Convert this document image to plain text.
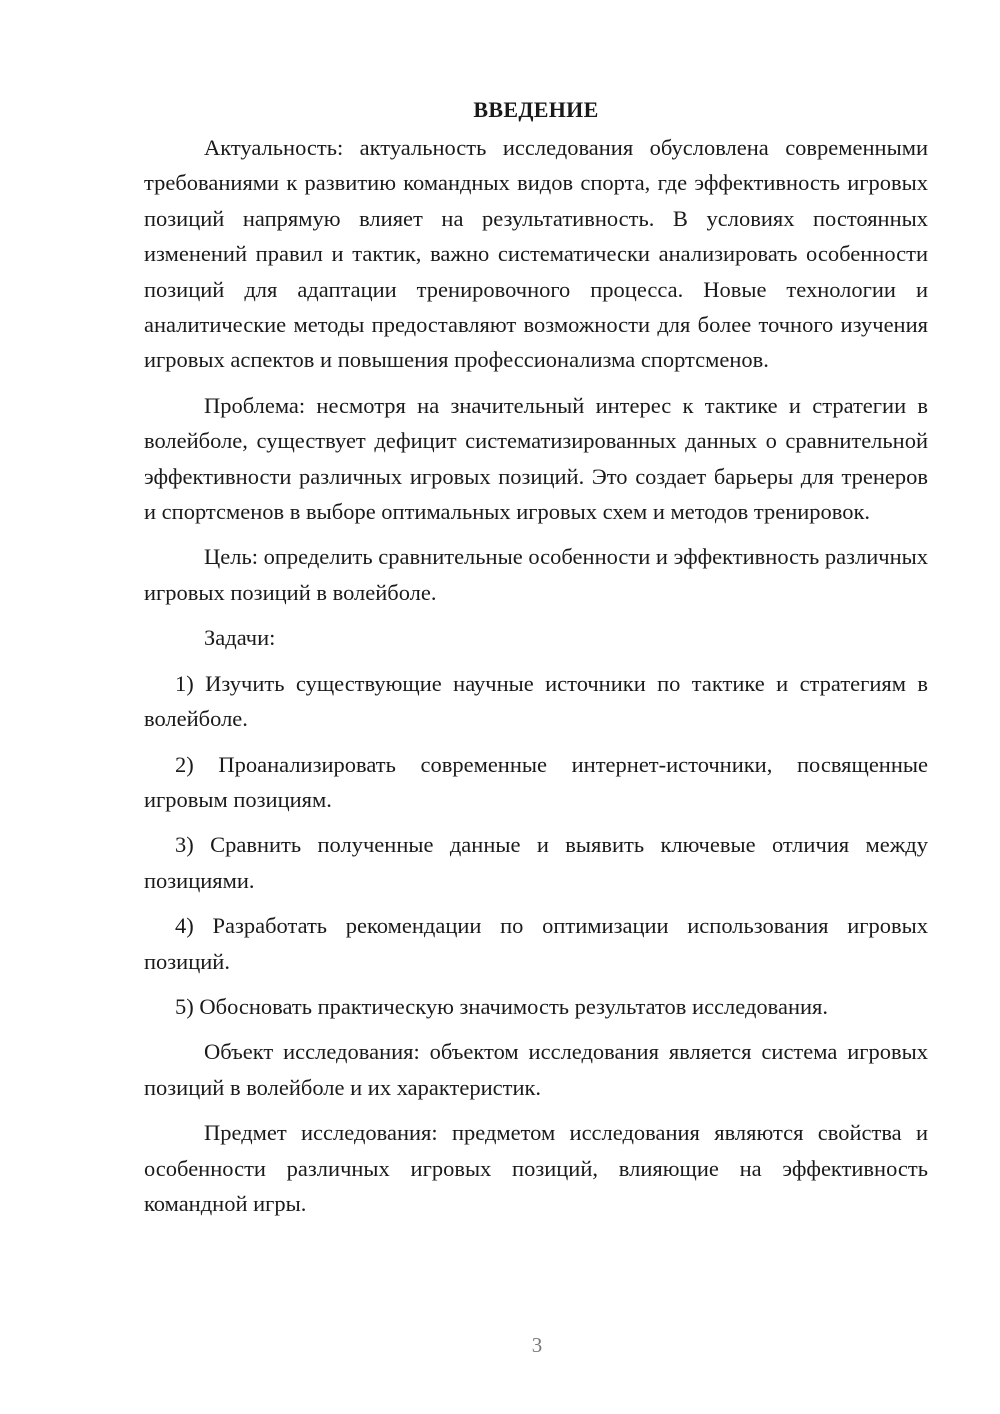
ВВЕДЕНИЕ

Актуальность: актуальность исследования обусловлена современными требованиями к развитию командных видов спорта, где эффективность игровых позиций напрямую влияет на результативность. В условиях постоянных изменений правил и тактик, важно систематически анализировать особенности позиций для адаптации тренировочного процесса. Новые технологии и аналитические методы предоставляют возможности для более точного изучения игровых аспектов и повышения профессионализма спортсменов.

Проблема: несмотря на значительный интерес к тактике и стратегии в волейболе, существует дефицит систематизированных данных о сравнительной эффективности различных игровых позиций. Это создает барьеры для тренеров и спортсменов в выборе оптимальных игровых схем и методов тренировок.

Цель: определить сравнительные особенности и эффективность различных игровых позиций в волейболе.

Задачи:

1) Изучить существующие научные источники по тактике и стратегиям в волейболе.

2) Проанализировать современные интернет-источники, посвященные игровым позициям.

3) Сравнить полученные данные и выявить ключевые отличия между позициями.

4) Разработать рекомендации по оптимизации использования игровых позиций.

5) Обосновать практическую значимость результатов исследования.

Объект исследования: объектом исследования является система игровых позиций в волейболе и их характеристик.

Предмет исследования: предметом исследования являются свойства и особенности различных игровых позиций, влияющие на эффективность командной игры.

3
